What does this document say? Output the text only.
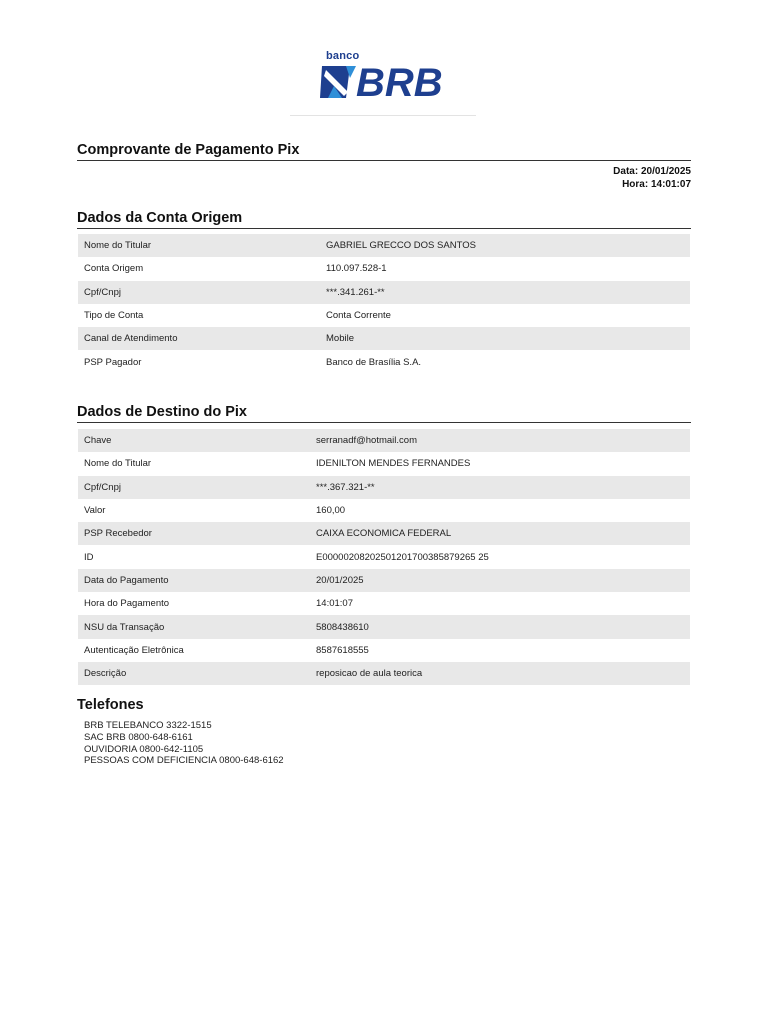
banco
BRB
Comprovante de Pagamento Pix
Data: 20/01/2025
Hora: 14:01:07
Dados da Conta Origem
Nome do Titular	GABRIEL GRECCO DOS SANTOS
Conta Origem	110.097.528-1
Cpf/Cnpj	***.341.261-**
Tipo de Conta	Conta Corrente
Canal de Atendimento	Mobile
PSP Pagador	Banco de Brasília S.A.
Dados de Destino do Pix
Chave	serranadf@hotmail.com
Nome do Titular	IDENILTON MENDES FERNANDES
Cpf/Cnpj	***.367.321-**
Valor	160,00
PSP Recebedor	CAIXA ECONOMICA FEDERAL
ID	E00000208202501201700385879265 25
Data do Pagamento	20/01/2025
Hora do Pagamento	14:01:07
NSU da Transação	5808438610
Autenticação Eletrônica	8587618555
Descrição	reposicao de aula teorica
Telefones
BRB TELEBANCO 3322-1515
SAC BRB 0800-648-6161
OUVIDORIA 0800-642-1105
PESSOAS COM DEFICIENCIA 0800-648-6162
